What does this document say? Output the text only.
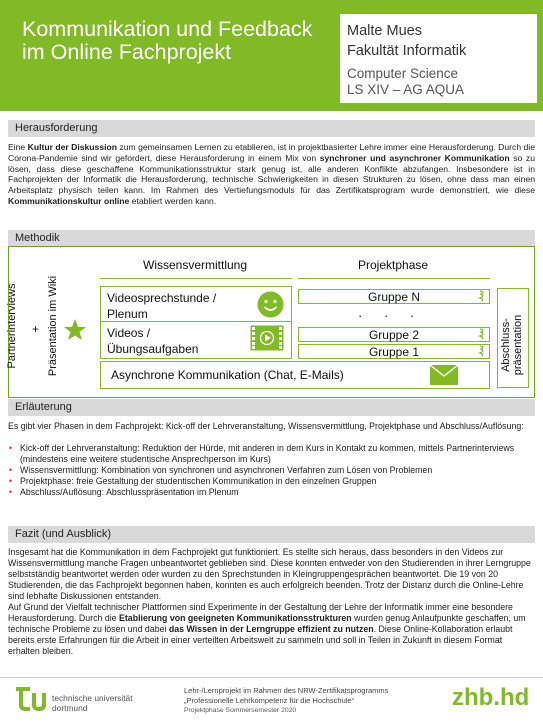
Kommunikation und Feedback
im Online Fachprojekt
Malte Mues
Fakultät Informatik
Computer Science
LS XIV – AG AQUA
Herausforderung
Eine Kultur der Diskussion zum gemeinsamen Lernen zu etablieren, ist in projektbasierter Lehre immer eine Herausforderung. Durch die Corona-Pandemie sind wir gefordert, diese Herausforderung in einem Mix von synchroner und asynchroner Kommunikation so zu lösen, dass diese geschaffene Kommunikationsstruktur stark genug ist, alle anderen Konflikte abzufangen. Insbesondere ist in Fachprojekten der Informatik die Herausforderung, technische Schwierigkeiten in diesen Strukturen zu lösen, ohne dass man einen Arbeitsplatz physisch teilen kann. Im Rahmen des Vertiefungsmoduls für das Zertifikatsprogram wurde demonstriert, wie diese Kommunikationskultur online etabliert werden kann.
Methodik
Partnerinterviews + Präsentation im Wiki
Wissensvermittlung	Projektphase
Videosprechstunde /
Plenum
Videos /
Übungsaufgaben
Asynchrone Kommunikation (Chat, E-Mails)
Gruppe N
· · ·
Gruppe 2
Gruppe 1	Abschluss- präsentation
Erläuterung
Es gibt vier Phasen in dem Fachprojekt: Kick-off der Lehrveranstaltung, Wissensvermittlung, Projektphase und Abschluss/Auflösung:
• Kick-off der Lehrveranstaltung: Reduktion der Hürde, mit anderen in dem Kurs in Kontakt zu kommen, mittels Partnerinterviews (mindestens eine weitere studentische Ansprechperson im Kurs)
• Wissensvermittlung: Kombination von synchronen und asynchronen Verfahren zum Lösen von Problemen
• Projektphase: freie Gestaltung der studentischen Kommunikation in den einzelnen Gruppen
• Abschluss/Auflösung: Abschlusspräsentation im Plenum
Fazit (und Ausblick)
Insgesamt hat die Kommunikation in dem Fachprojekt gut funktioniert. Es stellte sich heraus, dass besonders in den Videos zur Wissensvermittlung manche Fragen unbeantwortet geblieben sind. Diese konnten entweder von den Studierenden in ihrer Lerngruppe selbstständig beantwortet werden oder wurden zu den Sprechstunden in Kleingruppengesprächen beantwortet. Die 19 von 20 Studierenden, die das Fachprojekt begonnen haben, konnten es auch erfolgreich beenden. Trotz der Distanz durch die Online-Lehre sind lebhafte Diskussionen entstanden.
Auf Grund der Vielfalt technischer Plattformen sind Experimente in der Gestaltung der Lehre der Informatik immer eine besondere Herausforderung. Durch die Etablierung von geeigneten Kommunikationsstrukturen wurden genug Anlaufpunkte geschaffen, um technische Probleme zu lösen und dabei das Wissen in der Lerngruppe effizient zu nutzen. Diese Online-Kollaboration erlaubt bereits erste Erfahrungen für die Arbeit in einer verteilten Arbeitswelt zu sammeln und soll in Teilen in Zukunft in diesem Format erhalten bleiben.
technische universität
dortmund
Lehr-/Lernprojekt im Rahmen des NRW-Zertifikatsprogramms
„Professionelle Lehrkompetenz für die Hochschule“
Projektphase Sommersemester 2020	zhb.hd
